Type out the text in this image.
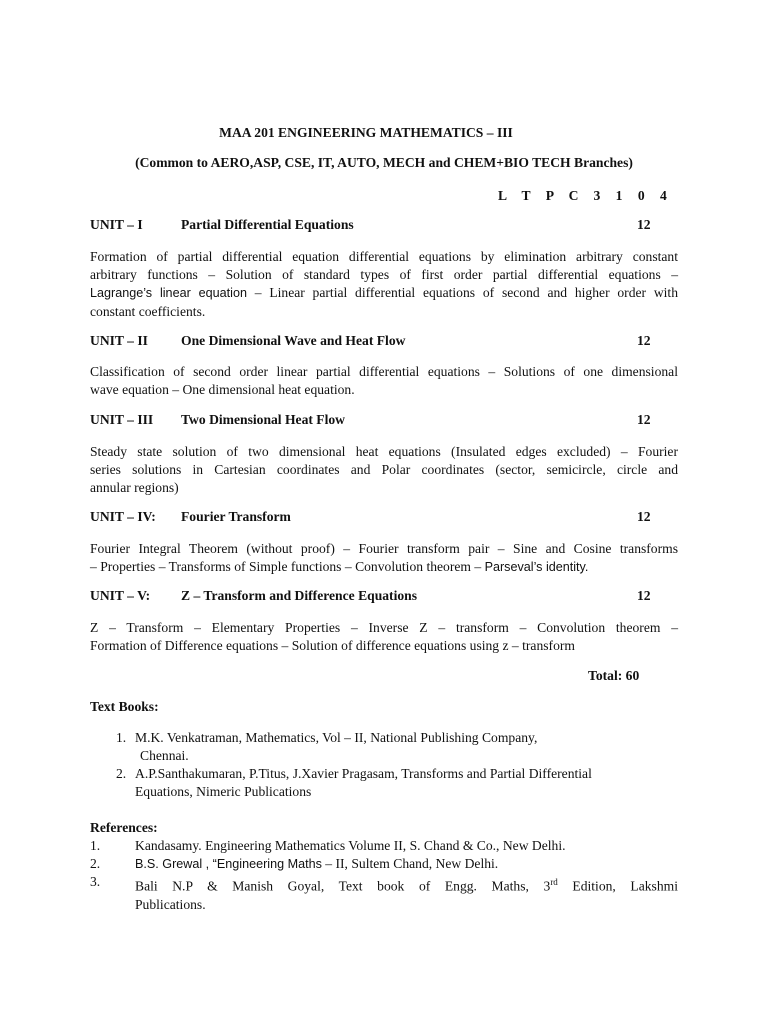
MAA 201 ENGINEERING MATHEMATICS – III
(Common to AERO,ASP, CSE, IT, AUTO, MECH and CHEM+BIO TECH Branches)
L T P C 3 1 0 4
UNIT – I	Partial Differential Equations	12
Formation of partial differential equation differential equations by elimination arbitrary constant
arbitrary functions – Solution of standard types of first order partial differential equations –
Lagrange’s linear equation – Linear partial differential equations of second and higher order with
constant coefficients.
UNIT – II One Dimensional Wave and Heat Flow	12
Classification of second order linear partial differential equations – Solutions of one dimensional
wave equation – One dimensional heat equation.
UNIT – III Two Dimensional Heat Flow	12
Steady state solution of two dimensional heat equations (Insulated edges excluded) – Fourier
series solutions in Cartesian coordinates and Polar coordinates (sector, semicircle, circle and
annular regions)
UNIT – IV: Fourier Transform	12
Fourier Integral Theorem (without proof) – Fourier transform pair – Sine and Cosine transforms
– Properties – Transforms of Simple functions – Convolution theorem – Parseval’s identity.
UNIT – V: Z – Transform and Difference Equations	12
Z – Transform – Elementary Properties – Inverse Z – transform – Convolution theorem –
Formation of Difference equations – Solution of difference equations using z – transform
Total: 60
Text Books:
1. M.K. Venkatraman, Mathematics, Vol – II, National Publishing Company,
Chennai.
2. A.P.Santhakumaran, P.Titus, J.Xavier Pragasam, Transforms and Partial Differential
Equations, Nimeric Publications
References:
1.	Kandasamy. Engineering Mathematics Volume II, S. Chand & Co., New Delhi.
2.	B.S. Grewal , “Engineering Maths – II, Sultem Chand, New Delhi.
3.	Bali N.P & Manish Goyal, Text book of Engg. Maths, 3rd Edition, Lakshmi
Publications.
